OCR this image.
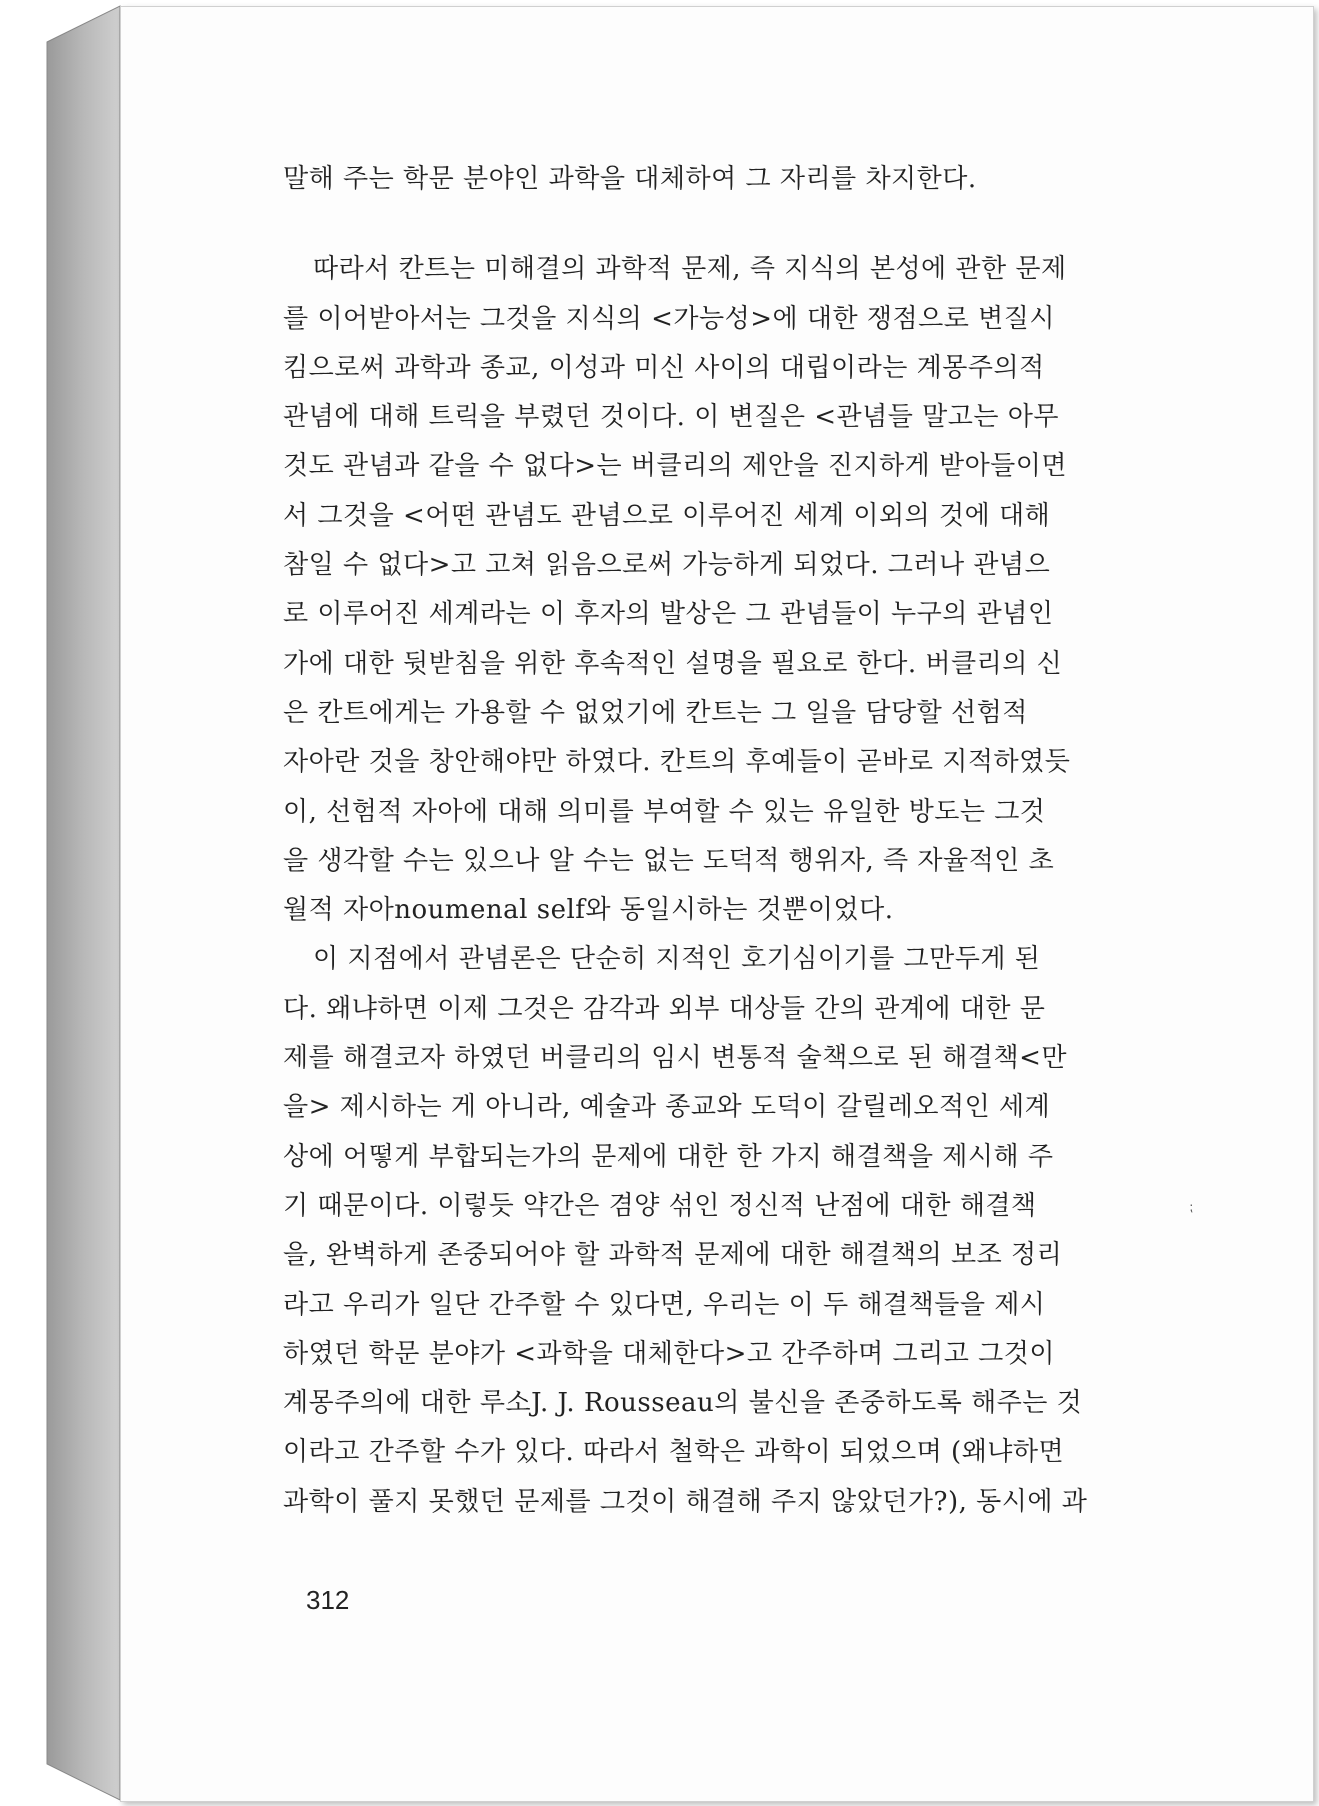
말해 주는 학문 분야인 과학을 대체하여 그 자리를 차지한다.
따라서 칸트는 미해결의 과학적 문제, 즉 지식의 본성에 관한 문제
를 이어받아서는 그것을 지식의 <가능성>에 대한 쟁점으로 변질시
킴으로써 과학과 종교, 이성과 미신 사이의 대립이라는 계몽주의적
관념에 대해 트릭을 부렸던 것이다. 이 변질은 <관념들 말고는 아무
것도 관념과 같을 수 없다>는 버클리의 제안을 진지하게 받아들이면
서 그것을 <어떤 관념도 관념으로 이루어진 세계 이외의 것에 대해
참일 수 없다>고 고쳐 읽음으로써 가능하게 되었다. 그러나 관념으
로 이루어진 세계라는 이 후자의 발상은 그 관념들이 누구의 관념인
가에 대한 뒷받침을 위한 후속적인 설명을 필요로 한다. 버클리의 신
은 칸트에게는 가용할 수 없었기에 칸트는 그 일을 담당할 선험적
자아란 것을 창안해야만 하였다. 칸트의 후예들이 곧바로 지적하였듯
이, 선험적 자아에 대해 의미를 부여할 수 있는 유일한 방도는 그것
을 생각할 수는 있으나 알 수는 없는 도덕적 행위자, 즉 자율적인 초
월적 자아noumenal self와 동일시하는 것뿐이었다.
이 지점에서 관념론은 단순히 지적인 호기심이기를 그만두게 된
다. 왜냐하면 이제 그것은 감각과 외부 대상들 간의 관계에 대한 문
제를 해결코자 하였던 버클리의 임시 변통적 술책으로 된 해결책<만
을> 제시하는 게 아니라, 예술과 종교와 도덕이 갈릴레오적인 세계
상에 어떻게 부합되는가의 문제에 대한 한 가지 해결책을 제시해 주
기 때문이다. 이렇듯 약간은 겸양 섞인 정신적 난점에 대한 해결책
을, 완벽하게 존중되어야 할 과학적 문제에 대한 해결책의 보조 정리
라고 우리가 일단 간주할 수 있다면, 우리는 이 두 해결책들을 제시
하였던 학문 분야가 <과학을 대체한다>고 간주하며 그리고 그것이
계몽주의에 대한 루소J. J. Rousseau의 불신을 존중하도록 해주는 것
이라고 간주할 수가 있다. 따라서 철학은 과학이 되었으며 (왜냐하면
과학이 풀지 못했던 문제를 그것이 해결해 주지 않았던가?), 동시에 과
⁏
312
